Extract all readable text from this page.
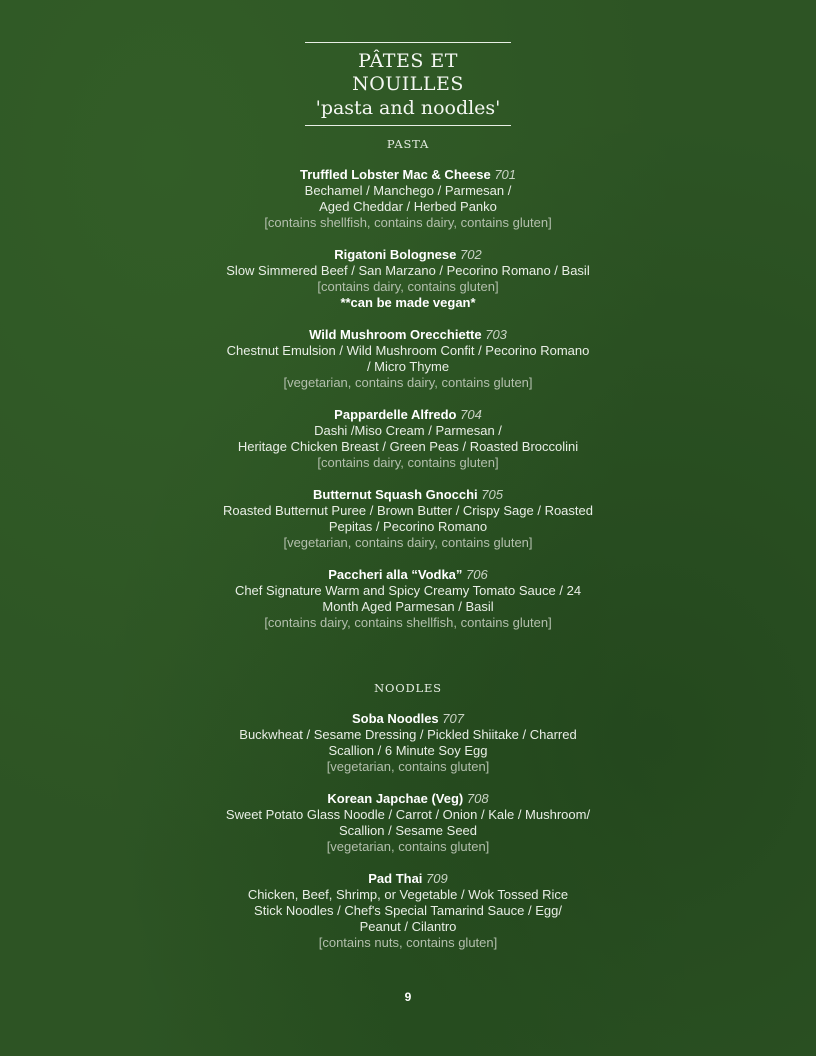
PÂTES ET NOUILLES
'pasta and noodles'
PASTA
Truffled Lobster Mac & Cheese 701
Bechamel / Manchego / Parmesan /
Aged Cheddar / Herbed Panko
[contains shellfish, contains dairy, contains gluten]
Rigatoni Bolognese 702
Slow Simmered Beef / San Marzano / Pecorino Romano / Basil
[contains dairy, contains gluten]
**can be made vegan*
Wild Mushroom Orecchiette 703
Chestnut Emulsion / Wild Mushroom Confit / Pecorino Romano
/ Micro Thyme
[vegetarian, contains dairy, contains gluten]
Pappardelle Alfredo 704
Dashi /Miso Cream / Parmesan /
Heritage Chicken Breast / Green Peas / Roasted Broccolini
[contains dairy, contains gluten]
Butternut Squash Gnocchi 705
Roasted Butternut Puree / Brown Butter / Crispy Sage / Roasted
Pepitas / Pecorino Romano
[vegetarian, contains dairy, contains gluten]
Paccheri alla “Vodka” 706
Chef Signature Warm and Spicy Creamy Tomato Sauce / 24
Month Aged Parmesan / Basil
[contains dairy, contains shellfish, contains gluten]
NOODLES
Soba Noodles 707
Buckwheat / Sesame Dressing / Pickled Shiitake / Charred
Scallion / 6 Minute Soy Egg
[vegetarian, contains gluten]
Korean Japchae (Veg) 708
Sweet Potato Glass Noodle / Carrot / Onion / Kale / Mushroom/
Scallion / Sesame Seed
[vegetarian, contains gluten]
Pad Thai 709
Chicken, Beef, Shrimp, or Vegetable / Wok Tossed Rice
Stick Noodles / Chef's Special Tamarind Sauce / Egg/
Peanut / Cilantro
[contains nuts, contains gluten]
9
